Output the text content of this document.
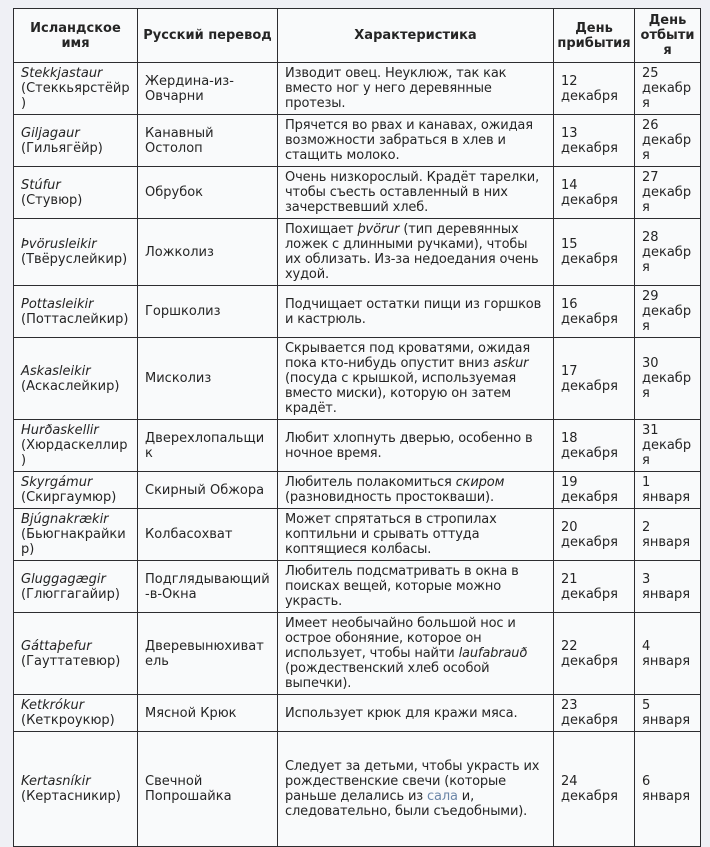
Исландское имя	Русский перевод	Характеристика	День прибытия	День отбытия

Stekkjastaur
(Стеккьярстёйр)	Жердина-из-Овчарни	Изводит овец. Неуклюж, так как вместо ног у него деревянные протезы.	12 декабря	25 декабря

Giljagaur
(Гильягёйр)	Канавный Остолоп	Прячется во рвах и канавах, ожидая возможности забраться в хлев и стащить молоко.	13 декабря	26 декабря

Stúfur
(Стувюр)	Обрубок	Очень низкорослый. Крадёт тарелки, чтобы съесть оставленный в них зачерствевший хлеб.	14 декабря	27 декабря

Þvörusleikir
(Твёруслейкир)	Ложколиз	Похищает þvörur (тип деревянных ложек с длинными ручками), чтобы их облизать. Из-за недоедания очень худой.	15 декабря	28 декабря

Pottasleikir
(Поттаслейкир)	Горшколиз	Подчищает остатки пищи из горшков и кастрюль.	16 декабря	29 декабря

Askasleikir
(Аскаслейкир)	Мисколиз	Скрывается под кроватями, ожидая пока кто-нибудь опустит вниз askur (посуда с крышкой, используемая вместо миски), которую он затем крадёт.	17 декабря	30 декабря

Hurðaskellir
(Хюрдаскеллир)	Дверехлопальщик	Любит хлопнуть дверью, особенно в ночное время.	18 декабря	31 декабря

Skyrgámur
(Скиргаумюр)	Скирный Обжора	Любитель полакомиться скиром (разновидность простокваши).	19 декабря	1 января

Bjúgnakrækir
(Бьюгнакрайкир)	Колбасохват	Может спрятаться в стропилах коптильни и срывать оттуда коптящиеся колбасы.	20 декабря	2 января

Gluggagægir
(Глюггагайир)	Подглядывающий-в-Окна	Любитель подсматривать в окна в поисках вещей, которые можно украсть.	21 декабря	3 января

Gáttaþefur
(Гауттатевюр)	Дверевынюхиватель	Имеет необычайно большой нос и острое обоняние, которое он использует, чтобы найти laufabrauð (рождественский хлеб особой выпечки).	22 декабря	4 января

Ketkrókur
(Кеткроукюр)	Мясной Крюк	Использует крюк для кражи мяса.	23 декабря	5 января

Kertasníkir
(Кертасникир)	Свечной Попрошайка	Следует за детьми, чтобы украсть их рождественские свечи (которые раньше делались из сала и, следовательно, были съедобными).	24 декабря	6 января
